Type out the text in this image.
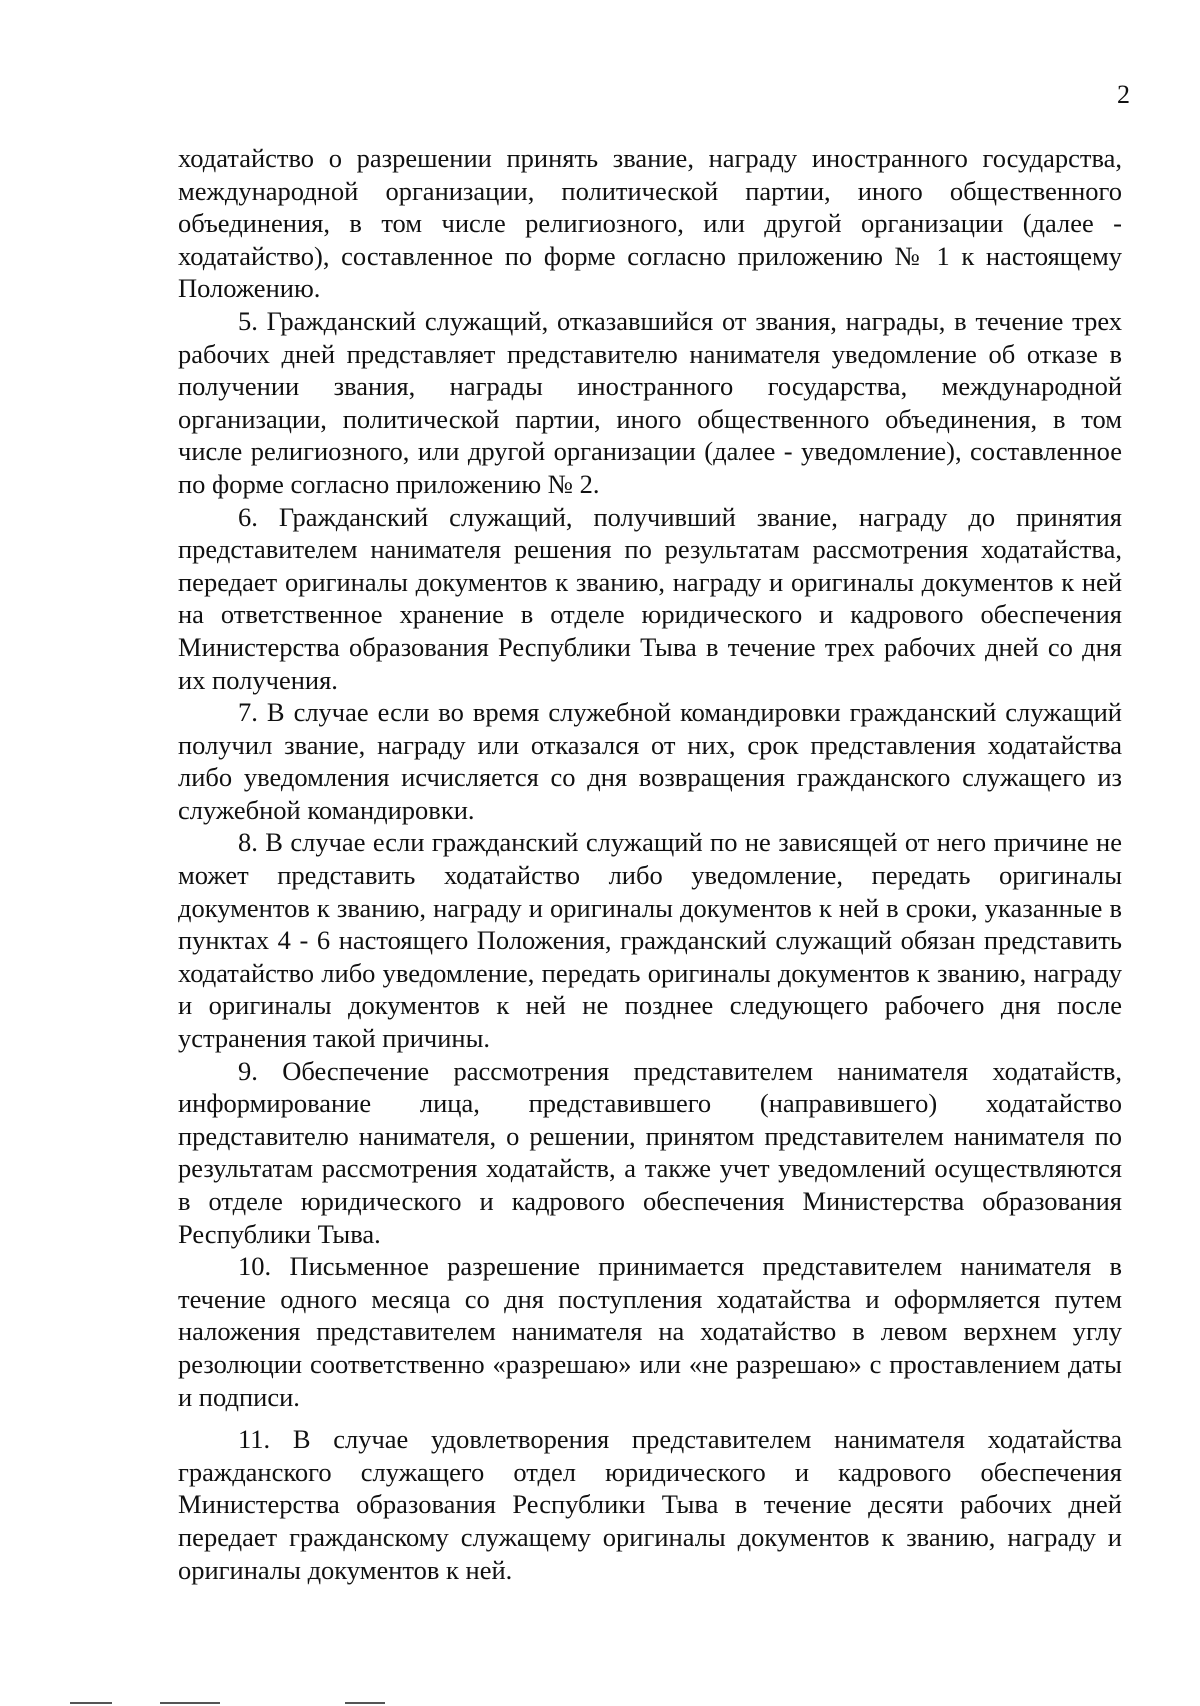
2

ходатайство о разрешении принять звание, награду иностранного государства, международной организации, политической партии, иного общественного объединения, в том числе религиозного, или другой организации (далее - ходатайство), составленное по форме согласно приложению № 1 к настоящему Положению.

5. Гражданский служащий, отказавшийся от звания, награды, в течение трех рабочих дней представляет представителю нанимателя уведомление об отказе в получении звания, награды иностранного государства, международной организации, политической партии, иного общественного объединения, в том числе религиозного, или другой организации (далее - уведомление), составленное по форме согласно приложению № 2.

6. Гражданский служащий, получивший звание, награду до принятия представителем нанимателя решения по результатам рассмотрения ходатайства, передает оригиналы документов к званию, награду и оригиналы документов к ней на ответственное хранение в отделе юридического и кадрового обеспечения Министерства образования Республики Тыва в течение трех рабочих дней со дня их получения.

7. В случае если во время служебной командировки гражданский служащий получил звание, награду или отказался от них, срок представления ходатайства либо уведомления исчисляется со дня возвращения гражданского служащего из служебной командировки.

8. В случае если гражданский служащий по не зависящей от него причине не может представить ходатайство либо уведомление, передать оригиналы документов к званию, награду и оригиналы документов к ней в сроки, указанные в пунктах 4 - 6 настоящего Положения, гражданский служащий обязан представить ходатайство либо уведомление, передать оригиналы документов к званию, награду и оригиналы документов к ней не позднее следующего рабочего дня после устранения такой причины.

9. Обеспечение рассмотрения представителем нанимателя ходатайств, информирование лица, представившего (направившего) ходатайство представителю нанимателя, о решении, принятом представителем нанимателя по результатам рассмотрения ходатайств, а также учет уведомлений осуществляются в отделе юридического и кадрового обеспечения Министерства образования Республики Тыва.

10. Письменное разрешение принимается представителем нанимателя в течение одного месяца со дня поступления ходатайства и оформляется путем наложения представителем нанимателя на ходатайство в левом верхнем углу резолюции соответственно «разрешаю» или «не разрешаю» с проставлением даты и подписи.

11. В случае удовлетворения представителем нанимателя ходатайства гражданского служащего отдел юридического и кадрового обеспечения Министерства образования Республики Тыва в течение десяти рабочих дней передает гражданскому служащему оригиналы документов к званию, награду и оригиналы документов к ней.
